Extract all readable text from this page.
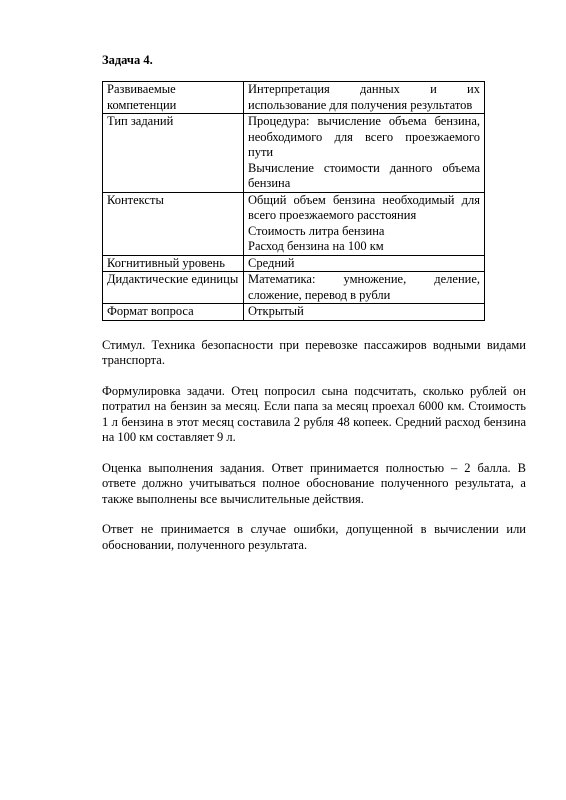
Задача 4.
Развиваемые компетенции	Интерпретация данных и их использование для получения результатов

Тип заданий	Процедура: вычисление объема бензина, необходимого для всего проезжаемого пути
Вычисление стоимости данного объема бензина

Контексты	Общий объем бензина необходимый для всего проезжаемого расстояния
Стоимость литра бензина
Расход бензина на 100 км

Когнитивный уровень	Средний

Дидактические единицы	Математика: умножение, деление, сложение, перевод в рубли

Формат вопроса	Открытый

Стимул. Техника безопасности при перевозке пассажиров водными видами транспорта.

Формулировка задачи. Отец попросил сына подсчитать, сколько рублей он потратил на бензин за месяц. Если папа за месяц проехал 6000 км. Стоимость 1 л бензина в этот месяц составила 2 рубля 48 копеек. Средний расход бензина на 100 км составляет 9 л.

Оценка выполнения задания. Ответ принимается полностью – 2 балла. В ответе должно учитываться полное обоснование полученного результата, а также выполнены все вычислительные действия.

Ответ не принимается в случае ошибки, допущенной в вычислении или обосновании, полученного результата.
